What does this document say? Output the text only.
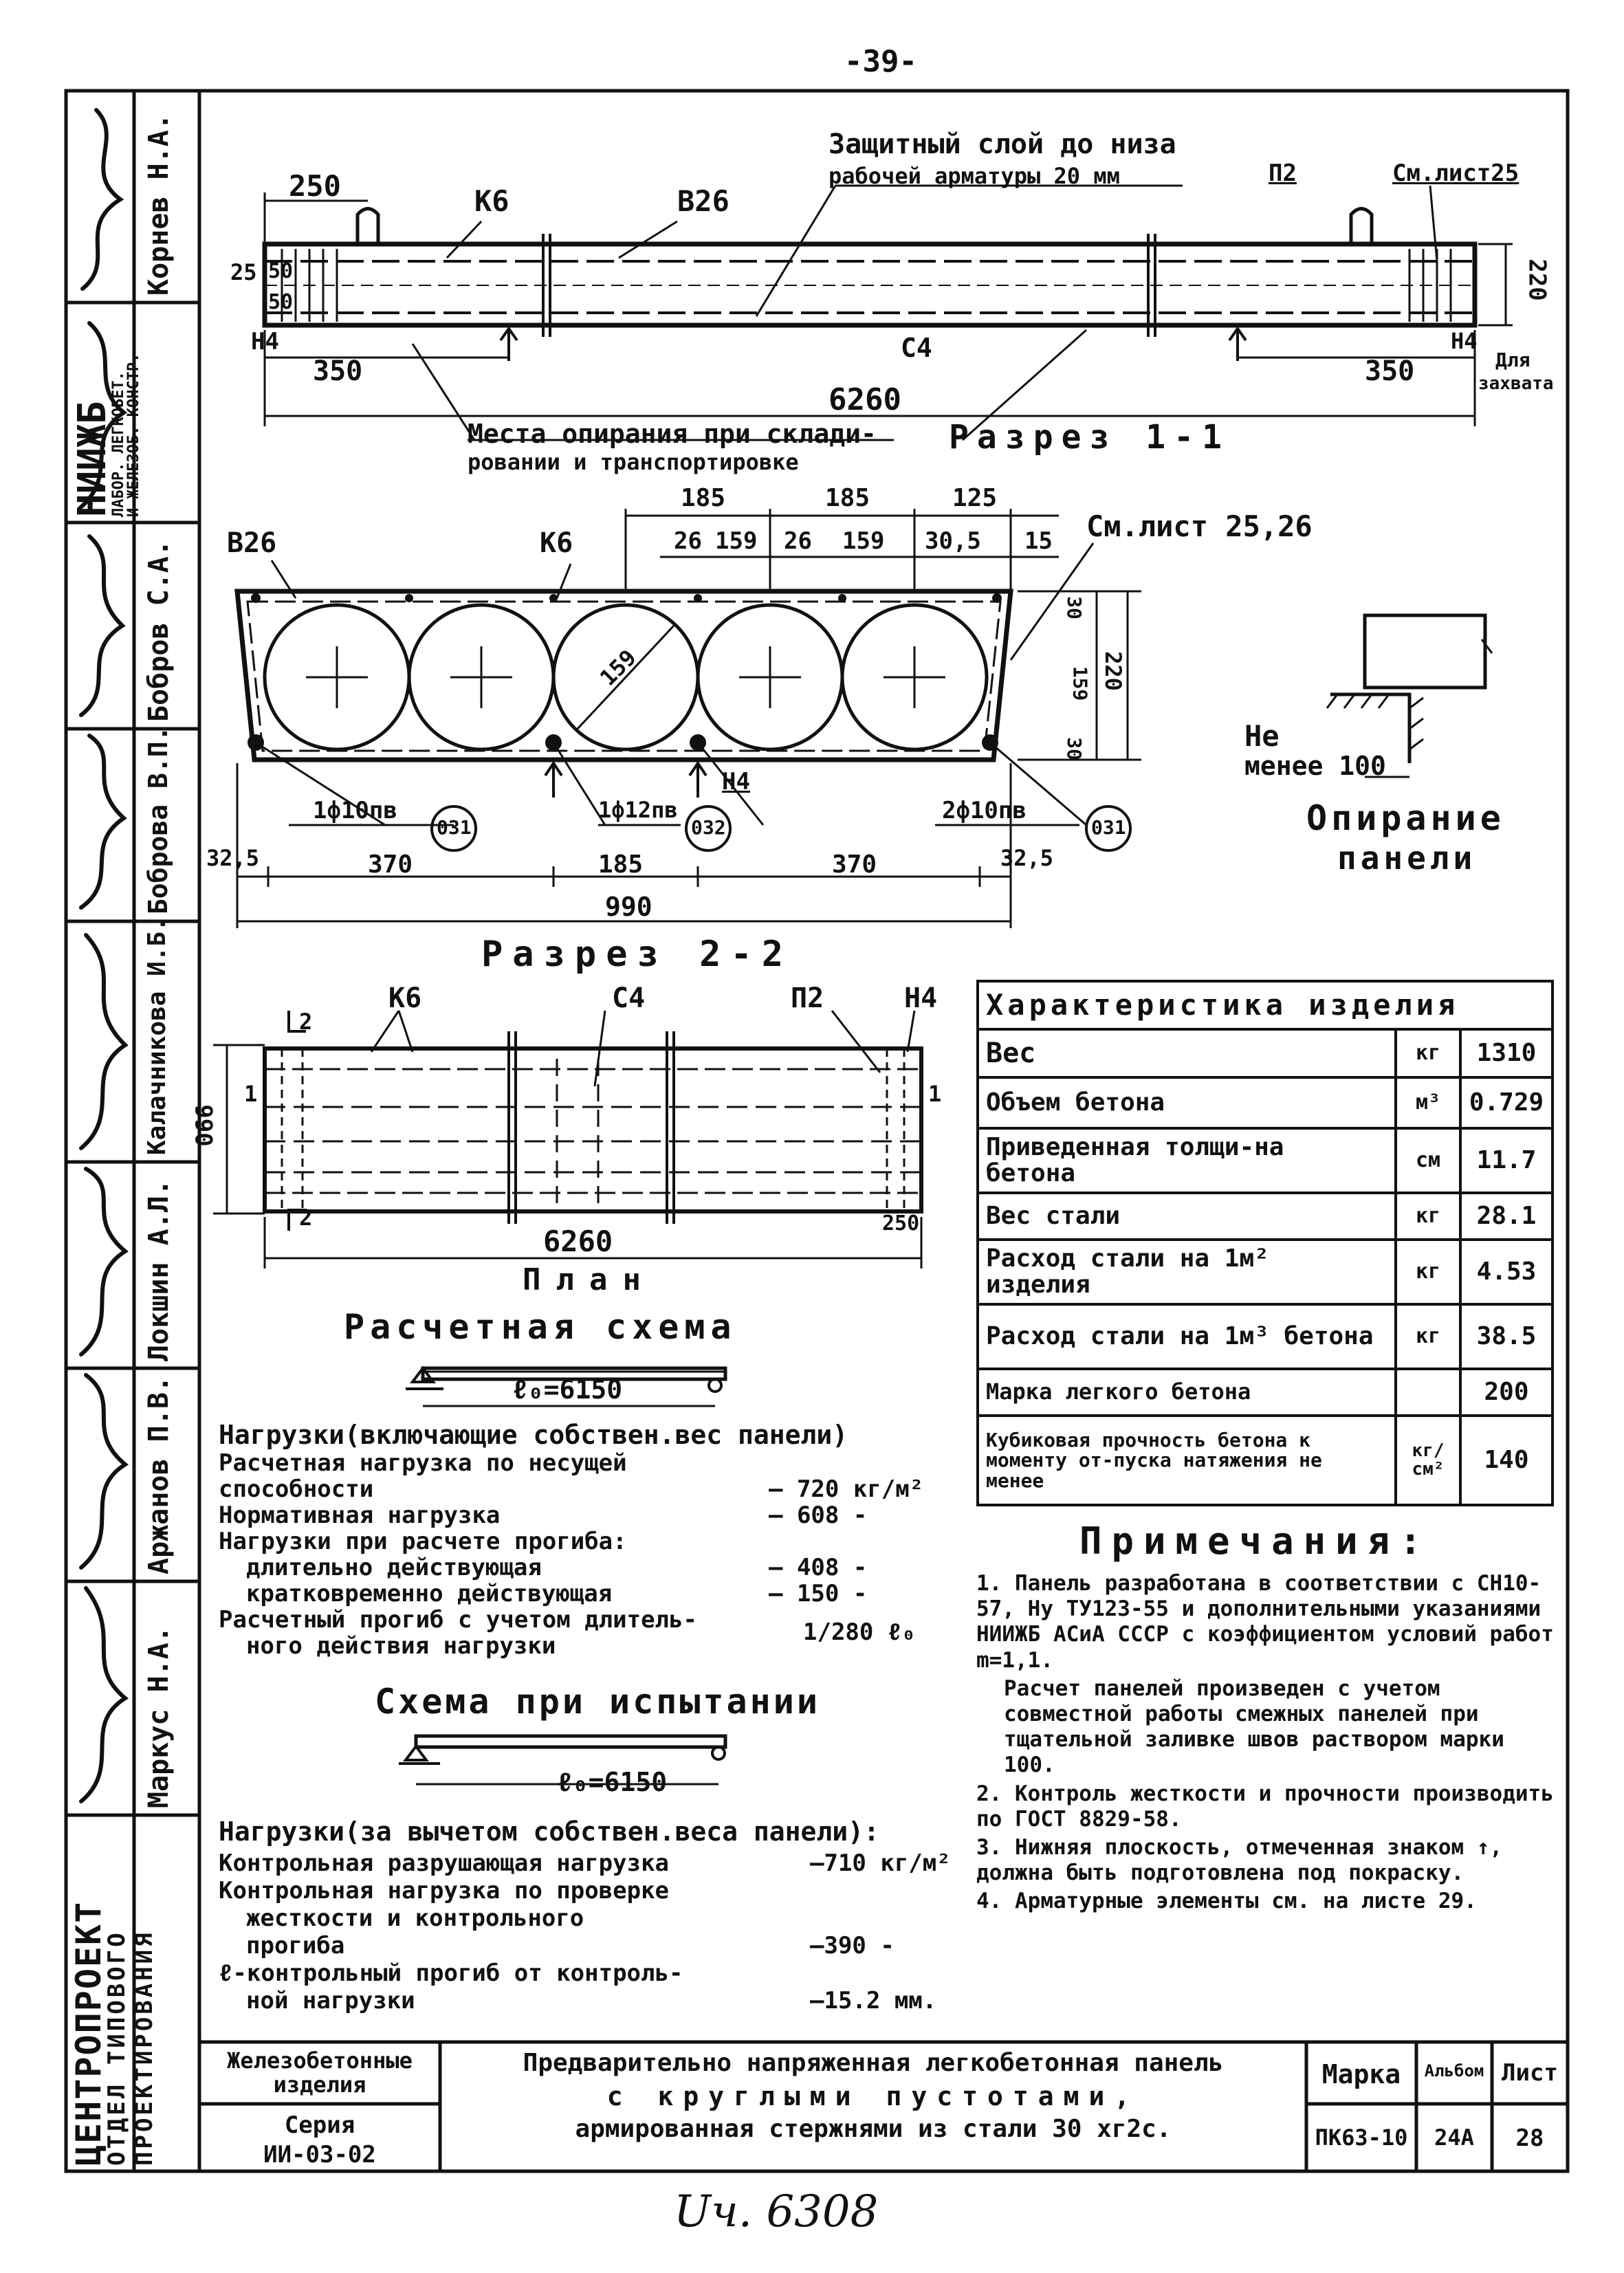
-39-
Uч. 6308
ЦЕНТРОПРОЕКТ
ОТДЕЛ ТИПОВОГО ПРОЕКТИРОВАНИЯ
НИИЖБ
ЛАБОР. ЛЕГКОБЕТ.
И ЖЕЛЕЗОБ. КОНСТР.
Корнев Н.А.
Бобров С.А.
Боброва В.П.
Калачникова И.Б.
Локшин А.Л.
Аржанов П.В.
Маркус Н.А.
250	К6	В26
Защитный слой до низа
рабочей арматуры 20 мм	П2	См.лист25
25 50
50
Н4
350
С4	Н4
350
220
Для
захвата
6260
Места опирания при склади-
ровании и транспортировке
Разрез 1-1
185	185	125
26 159 26 159 30,5 15
В26	К6	См.лист 25,26
159
30
159
30
220
Н4
1ф10пв	1ф12пв	2ф10пв
031	032	031
32,5	370	185	370	32,5
990
Разрез 2-2
Не
менее 100
Опирание
панели
К6	С4	П2	Н4
2
2
1	1
990
250
6260
План
Расчетная схема
ℓ₀=6150
Нагрузки(включающие собствен.вес панели)
Расчетная нагрузка по несущей
способности	— 720 кг/м²
Нормативная нагрузка	— 608 -
Нагрузки при расчете прогиба:
длительно действующая	— 408 -
кратковременно действующая	— 150 -
Расчетный прогиб с учетом длитель-	1/280 ℓ₀
ного действия нагрузки
Схема при испытании
ℓ₀=6150
Нагрузки(за вычетом собствен.веса панели):
Контрольная разрушающая нагрузка	—710 кг/м²
Контрольная нагрузка по проверке
жесткости и контрольного
прогиба	—390 -
ℓ-контрольный прогиб от контроль-
ной нагрузки	—15.2 мм.
Характеристика изделия		
Вес	кг	1310
Объем бетона	м³	0.729
Приведенная толщи-на бетона	см	11.7
Вес стали	кг	28.1
Расход стали на 1м² изделия	кг	4.53
Расход стали на 1м³ бетона	кг	38.5
Марка легкого бетона		200
Кубиковая прочность бетона к моменту от-пуска натяжения не менее	кг/см²	140
Примечания:
1. Панель разработана в соответствии с СН10-57, Ну ТУ123-55 и дополнительными указаниями НИИЖБ АСиА СССР с коэффициентом условий работ m=1,1.
Расчет панелей произведен с учетом совместной работы смежных панелей при тщательной заливке швов раствором марки 100.
2. Контроль жесткости и прочности производить по ГОСТ 8829-58.
3. Нижняя плоскость, отмеченная знаком ↑, должна быть подготовлена под покраску.
4. Арматурные элементы см. на листе 29.
Железобетонные изделия
Серия
ИИ-03-02
Предварительно напряженная легкобетонная панель
с круглыми пустотами,
армированная стержнями из стали 30 хг2с.
Марка	Альбом Лист
ПК63-10	24А	28
